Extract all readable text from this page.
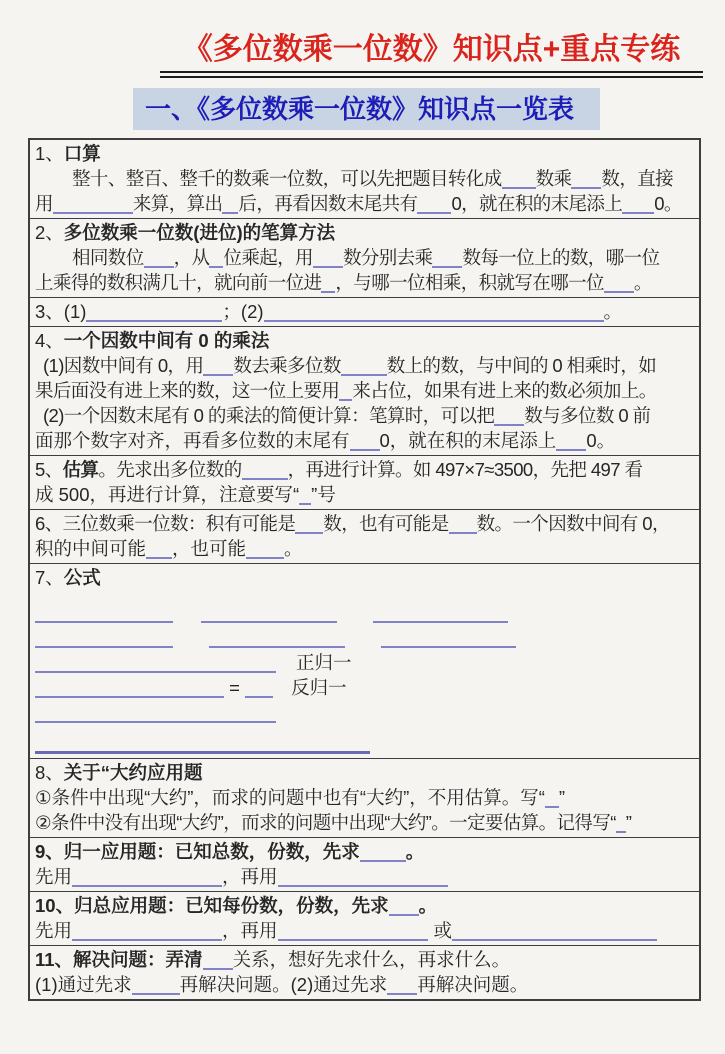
《多位数乘一位数》知识点+重点专练
一、《多位数乘一位数》知识点一览表
1、口算
整十、整百、整千的数乘一位数，可以先把题目转化成 数乘 数，直接
用	来算，算出 后，再看因数末尾共有 0，就在积的末尾添上 0。
2、多位数乘一位数(进位)的笔算方法
相同数位 ，从 位乘起，用 数分别去乘 数每一位上的数，哪一位
上乘得的数积满几十，就向前一位进 ，与哪一位相乘，积就写在哪一位 。
3、(1)	；(2)	。
4、一个因数中间有 0 的乘法
(1)因数中间有 0，用 数去乘多位数 数上的数，与中间的 0 相乘时，如
果后面没有进上来的数，这一位上要用 来占位，如果有进上来的数必须加上。
(2)一个因数末尾有 0 的乘法的简便计算：笔算时，可以把 数与多位数 0 前
面那个数字对齐，再看多位数的末尾有 0，就在积的末尾添上 0。
5、估算。先求出多位数的 ，再进行计算。如 497×7≈3500，先把 497 看
成 500，再进行计算，注意要写“ ”号
6、三位数乘一位数：积有可能是 数，也有可能是 数。一个因数中间有 0，
积的中间可能 ，也可能 。
7、公式
正归一
= 反归一
8、关于“大约应用题
①条件中出现“大约”，而求的问题中也有“大约”，不用估算。写“ ”
②条件中没有出现“大约”，而求的问题中出现“大约”。一定要估算。记得写“ ”
9、归一应用题：已知总数，份数，先求 。
先用	，再用
10、归总应用题：已知每份数，份数，先求 。
先用	，再用	或
11、解决问题：弄清 关系，想好先求什么，再求什么。
(1)通过先求	再解决问题。(2)通过先求 再解决问题。
